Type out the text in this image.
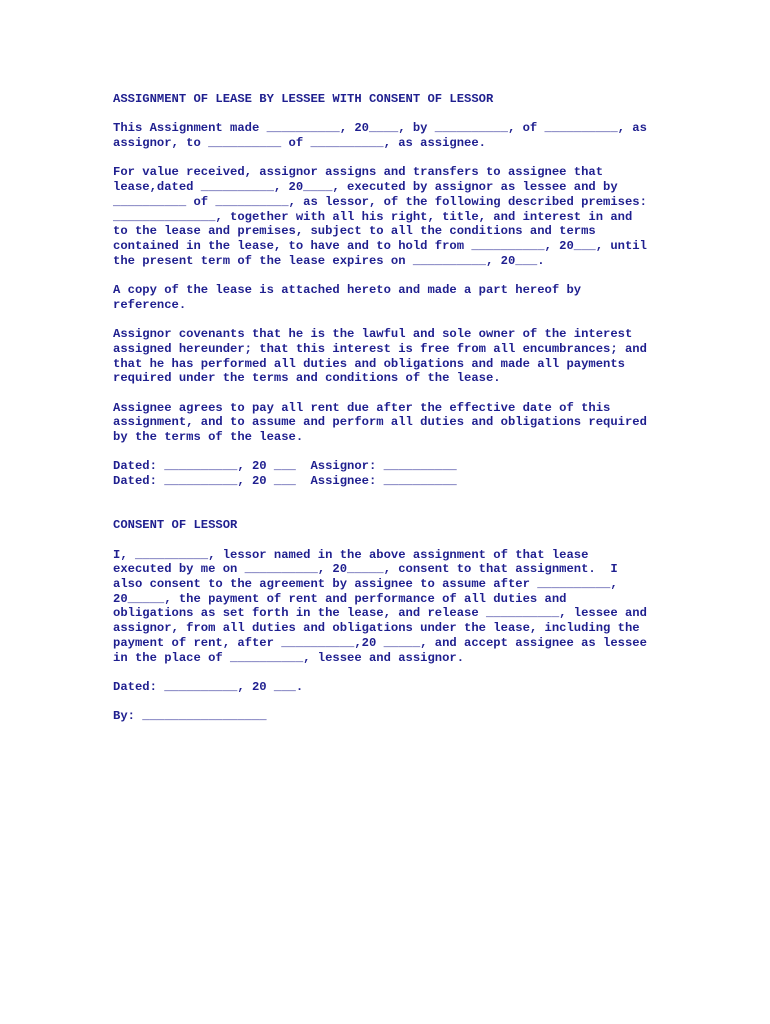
ASSIGNMENT OF LEASE BY LESSEE WITH CONSENT OF LESSOR
This Assignment made __________, 20____, by __________, of __________, as
assignor, to __________ of __________, as assignee.
For value received, assignor assigns and transfers to assignee that
lease,dated __________, 20____, executed by assignor as lessee and by
__________ of __________, as lessor, of the following described premises:
______________, together with all his right, title, and interest in and
to the lease and premises, subject to all the conditions and terms
contained in the lease, to have and to hold from __________, 20___, until
the present term of the lease expires on __________, 20___.
A copy of the lease is attached hereto and made a part hereof by
reference.
Assignor covenants that he is the lawful and sole owner of the interest
assigned hereunder; that this interest is free from all encumbrances; and
that he has performed all duties and obligations and made all payments
required under the terms and conditions of the lease.
Assignee agrees to pay all rent due after the effective date of this
assignment, and to assume and perform all duties and obligations required
by the terms of the lease.
Dated: __________, 20 ___  Assignor: __________
Dated: __________, 20 ___  Assignee: __________
CONSENT OF LESSOR
I, __________, lessor named in the above assignment of that lease
executed by me on __________, 20_____, consent to that assignment.  I
also consent to the agreement by assignee to assume after __________,
20_____, the payment of rent and performance of all duties and
obligations as set forth in the lease, and release __________, lessee and
assignor, from all duties and obligations under the lease, including the
payment of rent, after __________,20 _____, and accept assignee as lessee
in the place of __________, lessee and assignor.
Dated: __________, 20 ___.
By: _________________
